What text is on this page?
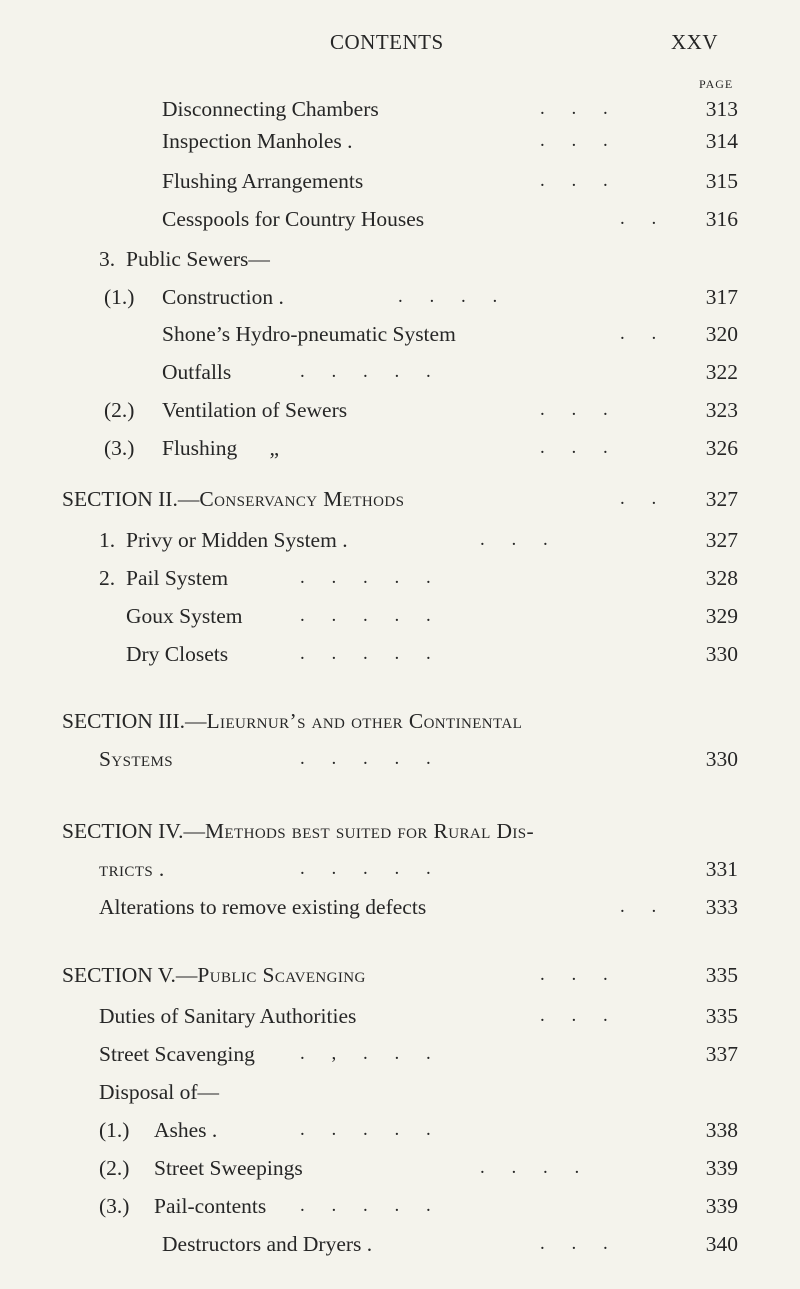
CONTENTS	XXV
PAGE
Disconnecting Chambers	. . .	313
Inspection Manholes .	. . .	314
Flushing Arrangements	. . .	315
Cesspools for Country Houses	. .	316
3. Public Sewers—
(1.) Construction .	. . . .	317
Shone’s Hydro-pneumatic System	. .	320
Outfalls	. . . . .	322
(2.) Ventilation of Sewers	. . .	323
(3.) Flushing      „	. . .	326
SECTION II.—Conservancy Methods	. .	327
1. Privy or Midden System .	. . .	327
2. Pail System	. . . . .	328
Goux System	. . . . .	329
Dry Closets	. . . . .	330
SECTION III.—Lieurnur’s and other Continental
Systems	. . . . .	330
SECTION IV.—Methods best suited for Rural Dis-
tricts .	. . . . .	331
Alterations to remove existing defects	. .	333
SECTION V.—Public Scavenging	. . .	335
Duties of Sanitary Authorities	. . .	335
Street Scavenging . , . . .	337
Disposal of—
(1.) Ashes .	. . . . .	338
(2.) Street Sweepings	. . . .	339
(3.) Pail-contents . . . . .	339
Destructors and Dryers .	. . .	340
